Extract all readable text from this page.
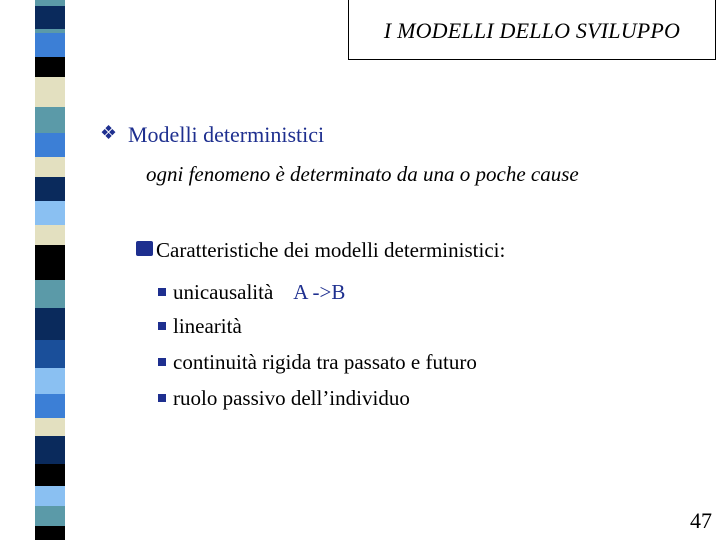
I MODELLI DELLO SVILUPPO
❖ Modelli deterministici
ogni fenomeno è determinato da una o poche cause
Caratteristiche dei modelli deterministici:
unicausalità A ->B
linearità
continuità rigida tra passato e futuro
ruolo passivo dell’individuo
47
